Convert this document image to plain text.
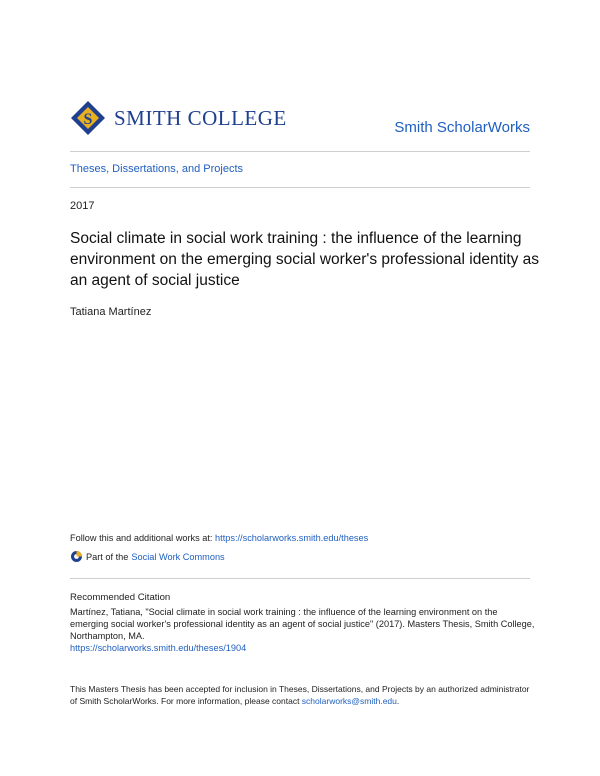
S SMITH COLLEGE	Smith ScholarWorks
Theses, Dissertations, and Projects
2017
Social climate in social work training : the influence of the learning environment on the emerging social worker's professional identity as an agent of social justice
Tatiana Martínez
Follow this and additional works at: https://scholarworks.smith.edu/theses
Part of the Social Work Commons
Recommended Citation
Martínez, Tatiana, "Social climate in social work training : the influence of the learning environment on the emerging social worker's professional identity as an agent of social justice" (2017). Masters Thesis, Smith College, Northampton, MA.
https://scholarworks.smith.edu/theses/1904
This Masters Thesis has been accepted for inclusion in Theses, Dissertations, and Projects by an authorized administrator of Smith ScholarWorks. For more information, please contact scholarworks@smith.edu.
